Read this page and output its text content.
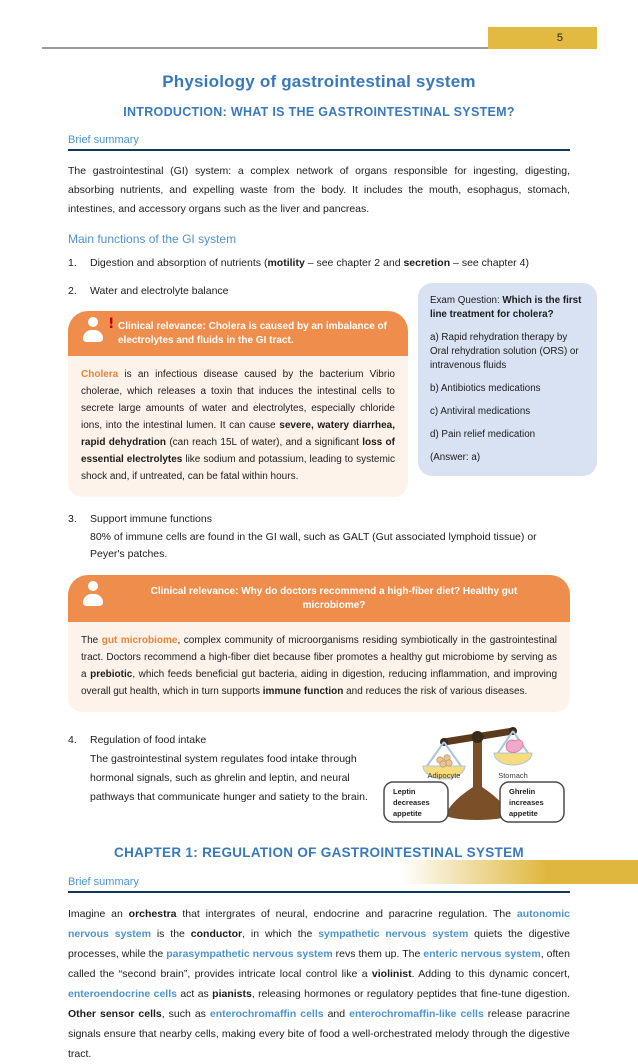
5
Physiology of gastrointestinal system
INTRODUCTION: WHAT IS THE GASTROINTESTINAL SYSTEM?
Brief summary

The gastrointestinal (GI) system: a complex network of organs responsible for ingesting, digesting, absorbing nutrients, and expelling waste from the body. It includes the mouth, esophagus, stomach, intestines, and accessory organs such as the liver and pancreas.

Main functions of the GI system
1.	Digestion and absorption of nutrients (motility – see chapter 2 and secretion – see chapter 4)
2.	Water and electrolyte balance
! Clinical relevance: Cholera is caused by an imbalance of electrolytes and fluids in the GI tract.
Cholera is an infectious disease caused by the bacterium Vibrio cholerae, which releases a toxin that induces the intestinal cells to secrete large amounts of water and electrolytes, especially chloride ions, into the intestinal lumen. It can cause severe, watery diarrhea, rapid dehydration (can reach 15L of water), and a significant loss of essential electrolytes like sodium and potassium, leading to systemic shock and, if untreated, can be fatal within hours.

Exam Question: Which is the first line treatment for cholera?

a) Rapid rehydration therapy by Oral rehydration solution (ORS) or intravenous fluids

b) Antibiotics medications

c) Antiviral medications

d) Pain relief medication

(Answer: a)

3.	Support immune functions
80% of immune cells are found in the GI wall, such as GALT (Gut associated lymphoid tissue) or Peyer's patches.
Clinical relevance: Why do doctors recommend a high-fiber diet? Healthy gut microbiome?
The gut microbiome, complex community of microorganisms residing symbiotically in the gastrointestinal tract. Doctors recommend a high-fiber diet because fiber promotes a healthy gut microbiome by serving as a prebiotic, which feeds beneficial gut bacteria, aiding in digestion, reducing inflammation, and improving overall gut health, which in turn supports immune function and reduces the risk of various diseases.
4.	Regulation of food intake
The gastrointestinal system regulates food intake through hormonal signals, such as ghrelin and leptin, and neural pathways that communicate hunger and satiety to the brain.
Adipocyte	Stomach
Leptin
decreases
appetite
Ghrelin
increases
appetite
CHAPTER 1: REGULATION OF GASTROINTESTINAL SYSTEM
Brief summary

Imagine an orchestra that intergrates of neural, endocrine and paracrine regulation. The autonomic nervous system is the conductor, in which the sympathetic nervous system quiets the digestive processes, while the parasympathetic nervous system revs them up. The enteric nervous system, often called the “second brain”, provides intricate local control like a violinist. Adding to this dynamic concert, enteroendocrine cells act as pianists, releasing hormones or regulatory peptides that fine-tune digestion. Other sensor cells, such as enterochromaffin cells and enterochromaffin-like cells release paracrine signals ensure that nearby cells, making every bite of food a well-orchestrated melody through the digestive tract.
